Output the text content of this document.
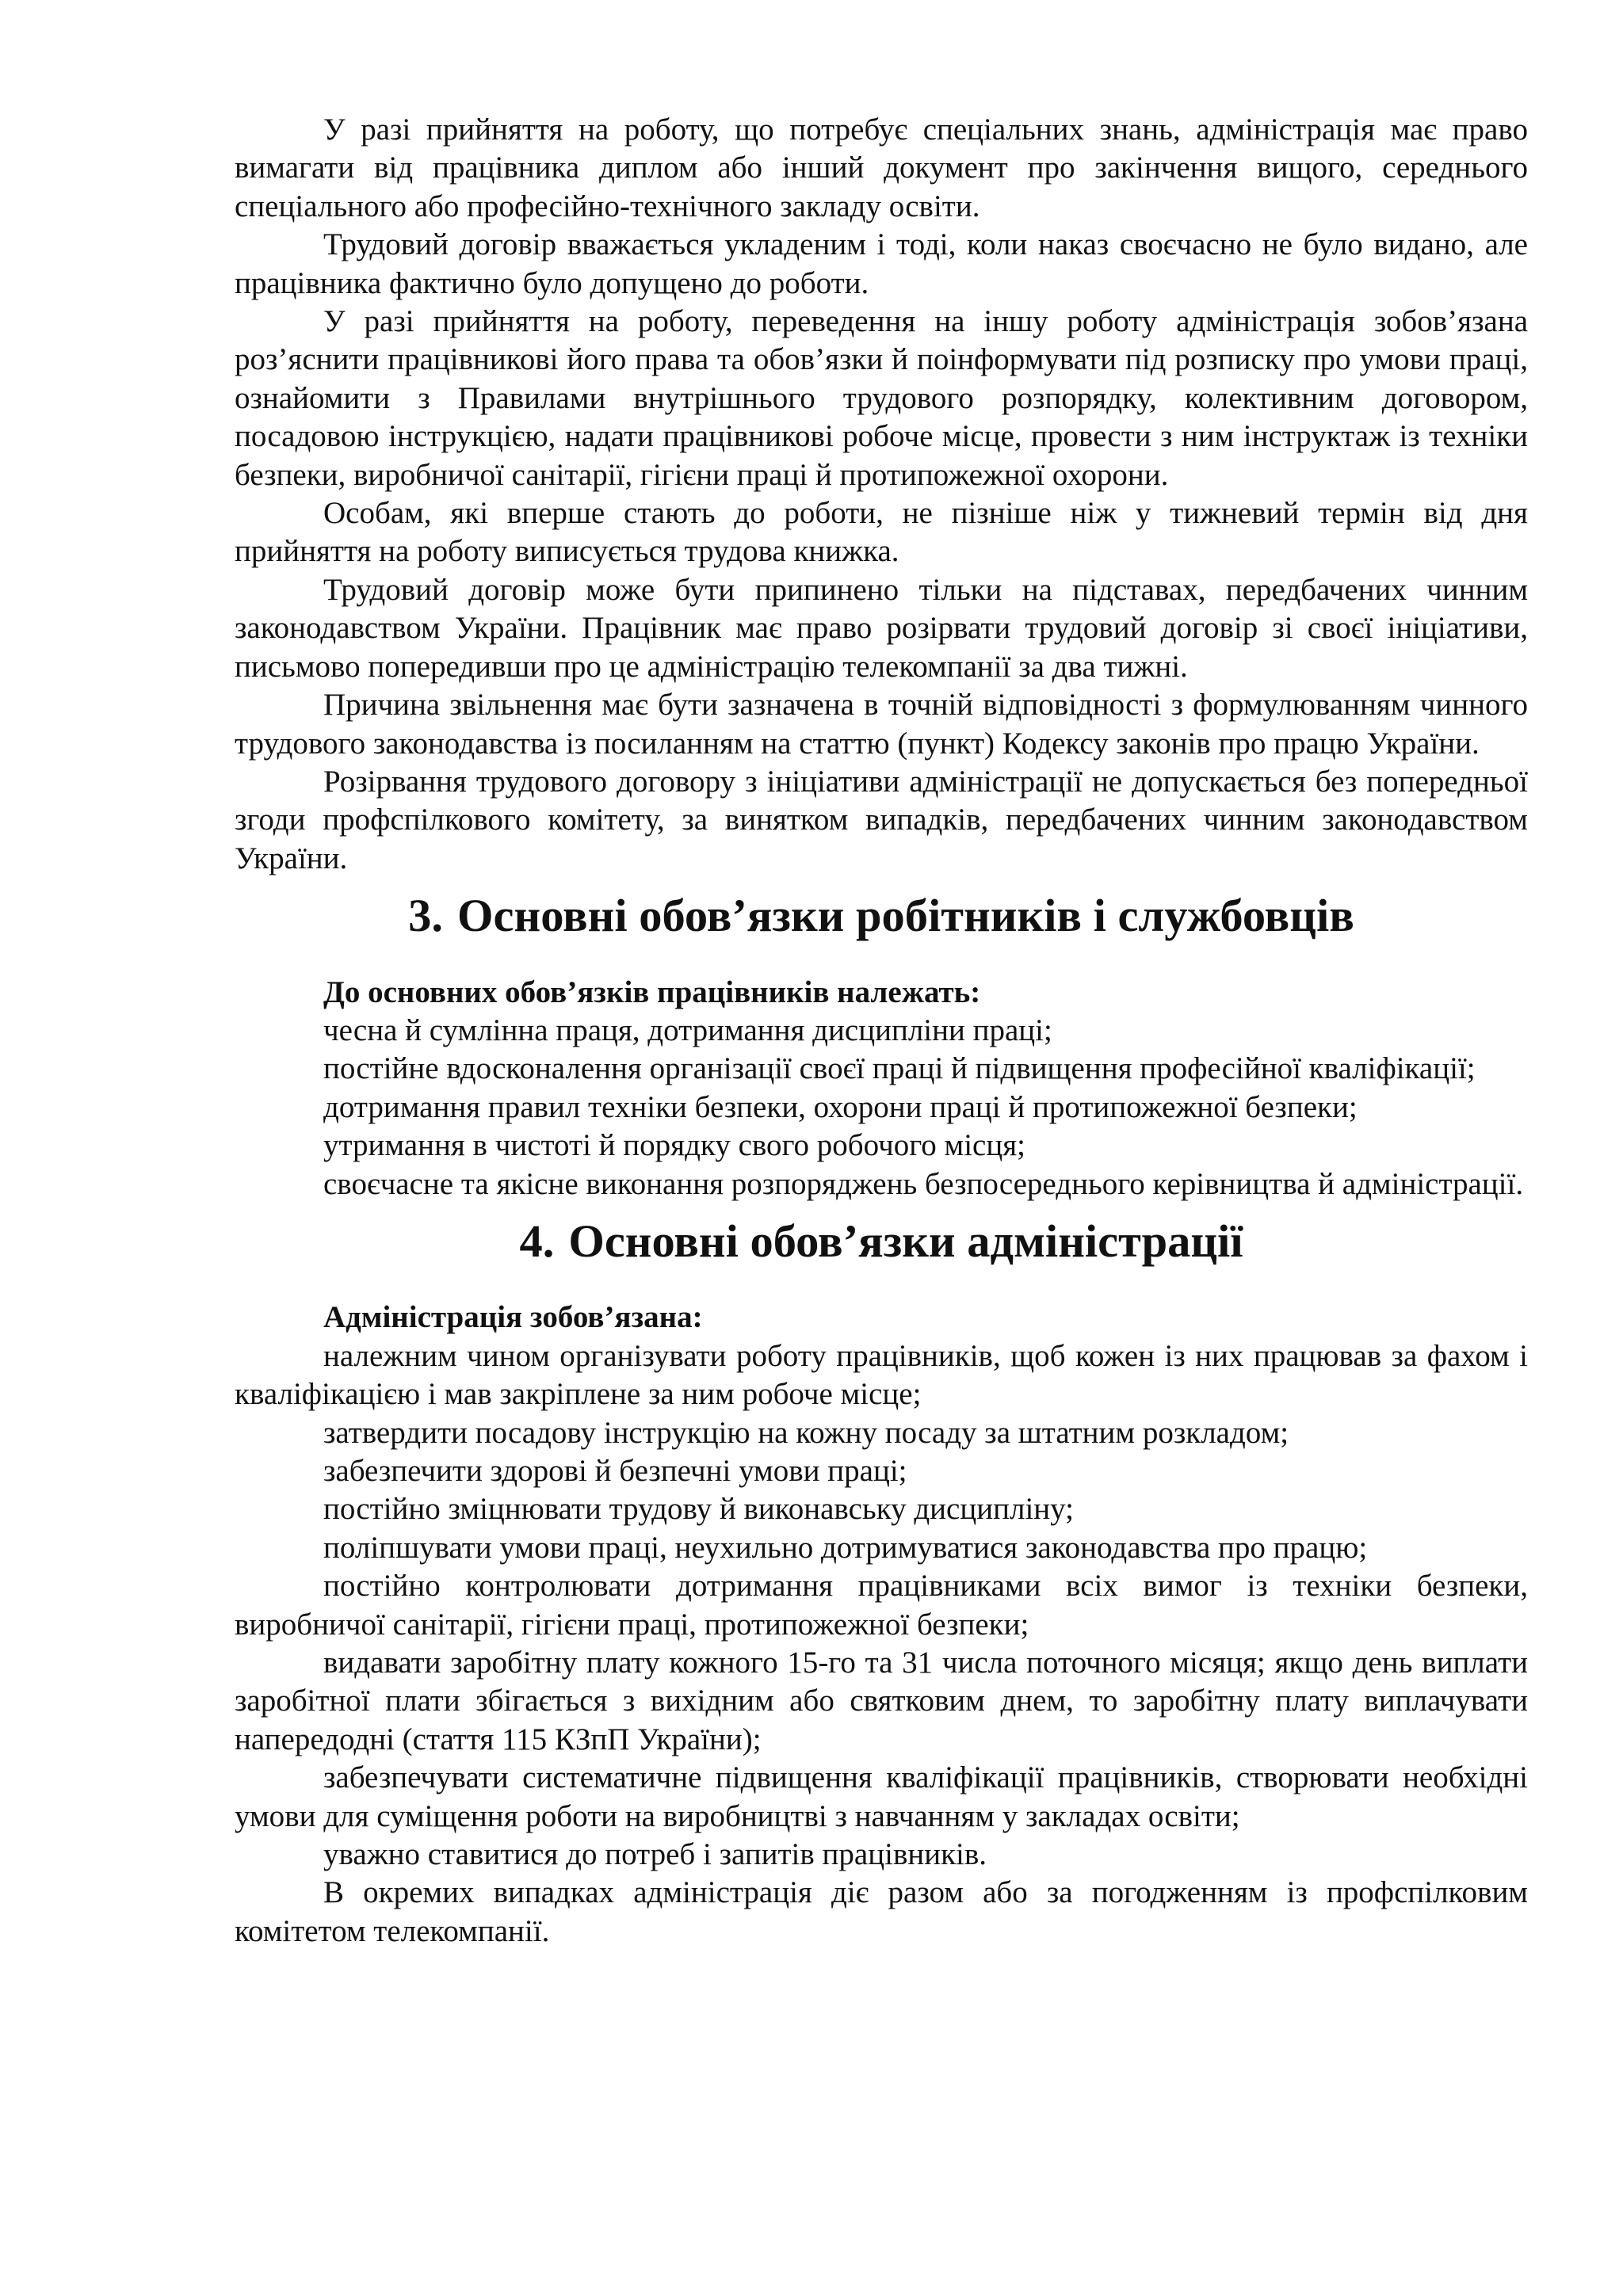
У разі прийняття на роботу, що потребує спеціальних знань, адміністрація має право вимагати від працівника диплом або інший документ про закінчення вищого, середнього спеціального або професійно-технічного закладу освіти.

Трудовий договір вважається укладеним і тоді, коли наказ своєчасно не було видано, але працівника фактично було допущено до роботи.

У разі прийняття на роботу, переведення на іншу роботу адміністрація зобов’язана роз’яснити працівникові його права та обов’язки й поінформувати під розписку про умови праці, ознайомити з Правилами внутрішнього трудового розпорядку, колективним договором, посадовою інструкцією, надати працівникові робоче місце, провести з ним інструктаж із техніки безпеки, виробничої санітарії, гігієни праці й протипожежної охорони.

Особам, які вперше стають до роботи, не пізніше ніж у тижневий термін від дня прийняття на роботу виписується трудова книжка.

Трудовий договір може бути припинено тільки на підставах, передбачених чинним законодавством України. Працівник має право розірвати трудовий договір зі своєї ініціативи, письмово попередивши про це адміністрацію телекомпанії за два тижні.

Причина звільнення має бути зазначена в точній відповідності з формулюванням чинного трудового законодавства із посиланням на статтю (пункт) Кодексу законів про працю України.

Розірвання трудового договору з ініціативи адміністрації не допускається без попередньої згоди профспілкового комітету, за винятком випадків, передбачених чинним законодавством України.

3. Основні обов’язки робітників і службовців

До основних обов’язків працівників належать:

чесна й сумлінна праця, дотримання дисципліни праці;

постійне вдосконалення організації своєї праці й підвищення професійної кваліфікації;

дотримання правил техніки безпеки, охорони праці й протипожежної безпеки;

утримання в чистоті й порядку свого робочого місця;

своєчасне та якісне виконання розпоряджень безпосереднього керівництва й адміністрації.

4. Основні обов’язки адміністрації

Адміністрація зобов’язана:

належним чином організувати роботу працівників, щоб кожен із них працював за фахом і кваліфікацією і мав закріплене за ним робоче місце;

затвердити посадову інструкцію на кожну посаду за штатним розкладом;

забезпечити здорові й безпечні умови праці;

постійно зміцнювати трудову й виконавську дисципліну;

поліпшувати умови праці, неухильно дотримуватися законодавства про працю;

постійно контролювати дотримання працівниками всіх вимог із техніки безпеки, виробничої санітарії, гігієни праці, протипожежної безпеки;

видавати заробітну плату кожного 15-го та 31 числа поточного місяця; якщо день виплати заробітної плати збігається з вихідним або святковим днем, то заробітну плату виплачувати напередодні (стаття 115 КЗпП України);

забезпечувати систематичне підвищення кваліфікації працівників, створювати необхідні умови для суміщення роботи на виробництві з навчанням у закладах освіти;

уважно ставитися до потреб і запитів працівників.

В окремих випадках адміністрація діє разом або за погодженням із профспілковим комітетом телекомпанії.
